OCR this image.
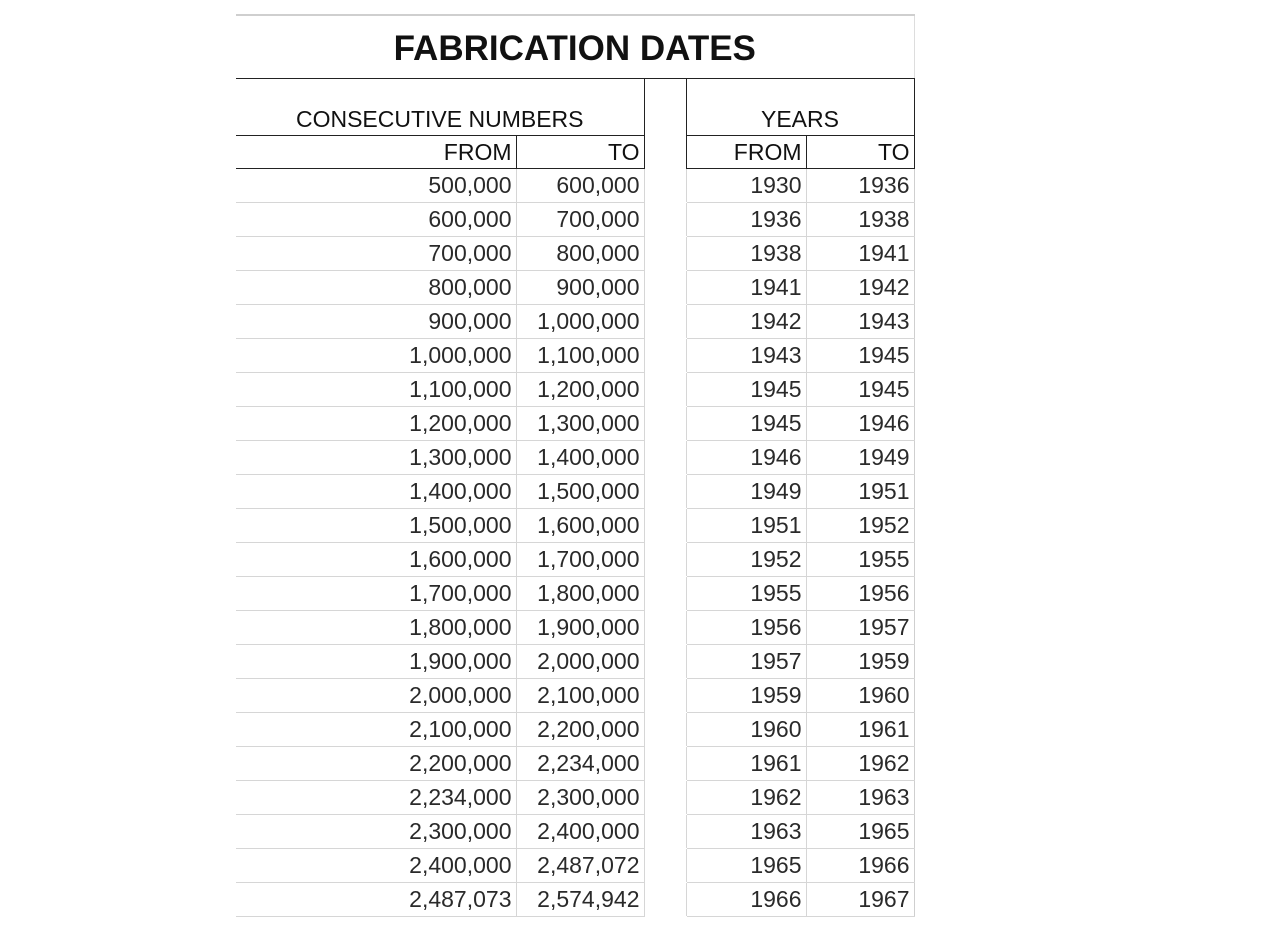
FABRICATION DATES				
CONSECUTIVE NUMBERS			YEARS	
FROM	TO		FROM	TO
500,000	600,000		1930	1936
600,000	700,000		1936	1938
700,000	800,000		1938	1941
800,000	900,000		1941	1942
900,000	1,000,000		1942	1943
1,000,000	1,100,000		1943	1945
1,100,000	1,200,000		1945	1945
1,200,000	1,300,000		1945	1946
1,300,000	1,400,000		1946	1949
1,400,000	1,500,000		1949	1951
1,500,000	1,600,000		1951	1952
1,600,000	1,700,000		1952	1955
1,700,000	1,800,000		1955	1956
1,800,000	1,900,000		1956	1957
1,900,000	2,000,000		1957	1959
2,000,000	2,100,000		1959	1960
2,100,000	2,200,000		1960	1961
2,200,000	2,234,000		1961	1962
2,234,000	2,300,000		1962	1963
2,300,000	2,400,000		1963	1965
2,400,000	2,487,072		1965	1966
2,487,073	2,574,942		1966	1967
